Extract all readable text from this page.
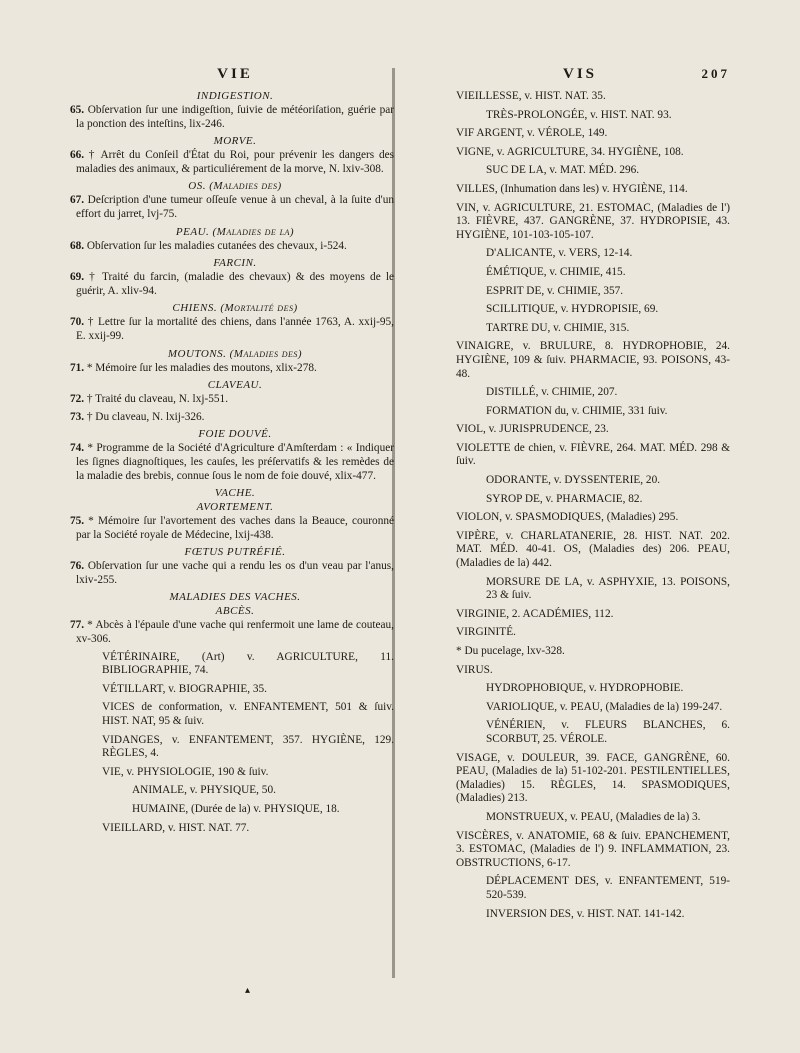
VIE
INDIGESTION.
65. Obſervation ſur une indigeſtion, ſuivie de météoriſation, guérie par la ponction des inteſtins, lix-246.
MORVE.
66. † Arrêt du Conſeil d'État du Roi, pour prévenir les dangers des maladies des animaux, & particuliérement de la morve, N. lxiv-308.
OS. (Maladies des)
67. Deſcription d'une tumeur oſſeuſe venue à un cheval, à la ſuite d'un effort du jarret, lvj-75.
PEAU. (Maladies de la)
68. Obſervation ſur les maladies cutanées des chevaux, i-524.
FARCIN.
69. † Traité du farcin, (maladie des chevaux) & des moyens de le guérir, A. xliv-94.
CHIENS. (Mortalité des)
70. † Lettre ſur la mortalité des chiens, dans l'année 1763, A. xxij-95, E. xxij-99.
MOUTONS. (Maladies des)
71. * Mémoire ſur les maladies des moutons, xlix-278.
CLAVEAU.
72. † Traité du claveau, N. lxj-551.
73. † Du claveau, N. lxij-326.
FOIE DOUVÉ.
74. * Programme de la Société d'Agriculture d'Amſterdam : « Indiquer les ſignes diagnoſtiques, les cauſes, les préſervatifs & les remèdes de la maladie des brebis, connue ſous le nom de foie douvé, xlix-477.
VACHE.
AVORTEMENT.
75. * Mémoire ſur l'avortement des vaches dans la Beauce, couronné par la Société royale de Médecine, lxij-438.
FŒTUS PUTRÉFIÉ.
76. Obſervation ſur une vache qui a rendu les os d'un veau par l'anus, lxiv-255.
MALADIES DES VACHES.
ABCÈS.
77. * Abcès à l'épaule d'une vache qui renfermoit une lame de couteau, xv-306.
VÉTÉRINAIRE, (Art) v. AGRICULTURE, 11. BIBLIOGRAPHIE, 74.
VÉTILLART, v. BIOGRAPHIE, 35.
VICES de conformation, v. ENFANTEMENT, 501 & ſuiv. HIST. NAT, 95 & ſuiv.
VIDANGES, v. ENFANTEMENT, 357. HYGIÈNE, 129. RÈGLES, 4.
VIE, v. PHYSIOLOGIE, 190 & ſuiv.
ANIMALE, v. PHYSIQUE, 50.
HUMAINE, (Durée de la) v. PHYSIQUE, 18.
VIEILLARD, v. HIST. NAT. 77.
VIS	207
VIEILLESSE, v. HIST. NAT. 35.
TRÈS-PROLONGÉE, v. HIST. NAT. 93.
VIF ARGENT, v. VÉROLE, 149.
VIGNE, v. AGRICULTURE, 34. HYGIÈNE, 108.
SUC DE LA, v. MAT. MÉD. 296.
VILLES, (Inhumation dans les) v. HYGIÈNE, 114.
VIN, v. AGRICULTURE, 21. ESTOMAC, (Maladies de l') 13. FIÈVRE, 437. GANGRÈNE, 37. HYDROPISIE, 43. HYGIÈNE, 101-103-105-107.
D'ALICANTE, v. VERS, 12-14.
ÉMÉTIQUE, v. CHIMIE, 415.
ESPRIT DE, v. CHIMIE, 357.
SCILLITIQUE, v. HYDROPISIE, 69.
TARTRE DU, v. CHIMIE, 315.
VINAIGRE, v. BRULURE, 8. HYDROPHOBIE, 24. HYGIÈNE, 109 & ſuiv. PHARMACIE, 93. POISONS, 43-48.
DISTILLÉ, v. CHIMIE, 207.
FORMATION du, v. CHIMIE, 331 ſuiv.
VIOL, v. JURISPRUDENCE, 23.
VIOLETTE de chien, v. FIÈVRE, 264. MAT. MÉD. 298 & ſuiv.
ODORANTE, v. DYSSENTERIE, 20.
SYROP DE, v. PHARMACIE, 82.
VIOLON, v. SPASMODIQUES, (Maladies) 295.
VIPÈRE, v. CHARLATANERIE, 28. HIST. NAT. 202. MAT. MÉD. 40-41. OS, (Maladies des) 206. PEAU, (Maladies de la) 442.
MORSURE DE LA, v. ASPHYXIE, 13. POISONS, 23 & ſuiv.
VIRGINIE, 2. ACADÉMIES, 112.
VIRGINITÉ.
* Du pucelage, lxv-328.
VIRUS.
HYDROPHOBIQUE, v. HYDROPHOBIE.
VARIOLIQUE, v. PEAU, (Maladies de la) 199-247.
VÉNÉRIEN, v. FLEURS BLANCHES, 6. SCORBUT, 25. VÉROLE.
VISAGE, v. DOULEUR, 39. FACE, GANGRÈNE, 60. PEAU, (Maladies de la) 51-102-201. PESTILENTIELLES, (Maladies) 15. RÈGLES, 14. SPASMODIQUES, (Maladies) 213.
MONSTRUEUX, v. PEAU, (Maladies de la) 3.
VISCÈRES, v. ANATOMIE, 68 & ſuiv. EPANCHEMENT, 3. ESTOMAC, (Maladies de l') 9. INFLAMMATION, 23. OBSTRUCTIONS, 6-17.
DÉPLACEMENT DES, v. ENFANTEMENT, 519-520-539.
INVERSION DES, v. HIST. NAT. 141-142.
▴
